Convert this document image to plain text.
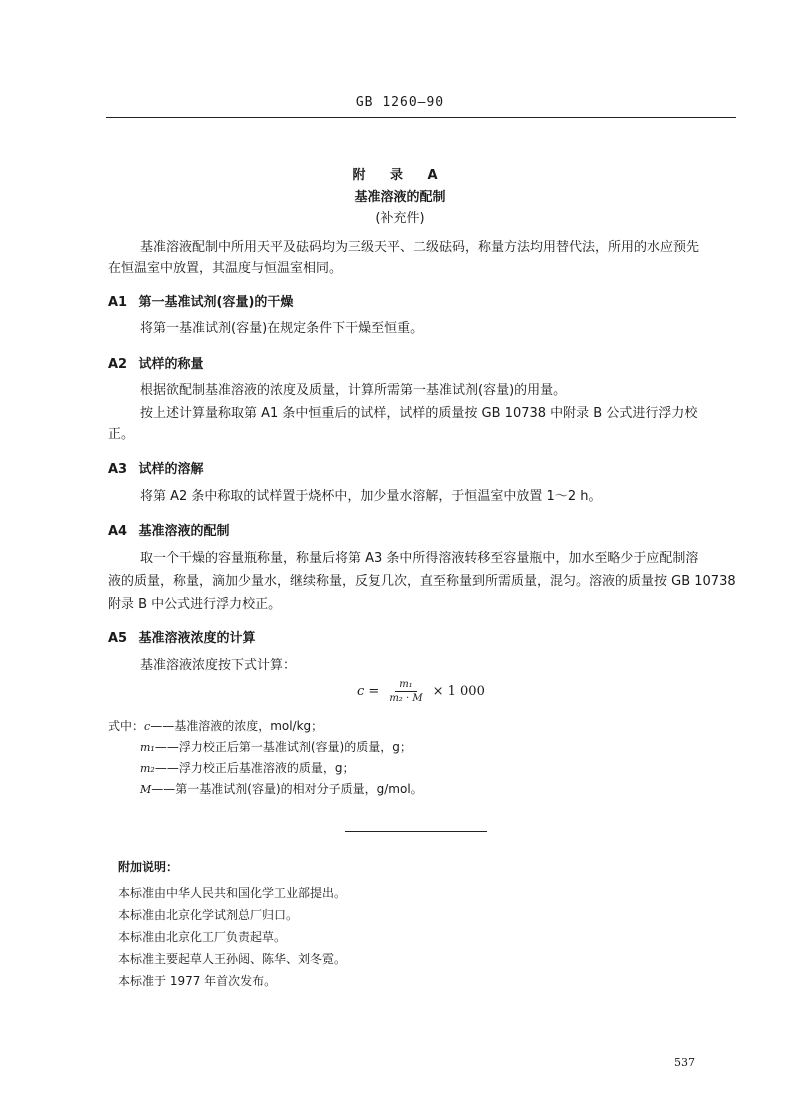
GB 1260—90
附 录 A
基准溶液的配制
(补充件)
基准溶液配制中所用天平及砝码均为三级天平、二级砝码，称量方法均用替代法，所用的水应预先
在恒温室中放置，其温度与恒温室相同。
A1 第一基准试剂(容量)的干燥
将第一基准试剂(容量)在规定条件下干燥至恒重。
A2 试样的称量
根据欲配制基准溶液的浓度及质量，计算所需第一基准试剂(容量)的用量。
按上述计算量称取第 A1 条中恒重后的试样，试样的质量按 GB 10738 中附录 B 公式进行浮力校
正。
A3 试样的溶解
将第 A2 条中称取的试样置于烧杯中，加少量水溶解，于恒温室中放置 1～2 h。
A4 基准溶液的配制
取一个干燥的容量瓶称量，称量后将第 A3 条中所得溶液转移至容量瓶中，加水至略少于应配制溶
液的质量，称量，滴加少量水，继续称量，反复几次，直至称量到所需质量，混匀。溶液的质量按 GB 10738
附录 B 中公式进行浮力校正。
A5 基准溶液浓度的计算
基准溶液浓度按下式计算：
$c = \frac{\text{m₁}}{\text{m₂ · M}} \times 1$ 000
式中：c——基准溶液的浓度，mol/kg；
m₁——浮力校正后第一基准试剂(容量)的质量，g；
m₂——浮力校正后基准溶液的质量，g；
M——第一基准试剂(容量)的相对分子质量，g/mol。
附加说明：
本标准由中华人民共和国化学工业部提出。
本标准由北京化学试剂总厂归口。
本标准由北京化工厂负责起草。
本标准主要起草人王孙闼、陈华、刘冬霓。
本标准于 1977 年首次发布。
537
